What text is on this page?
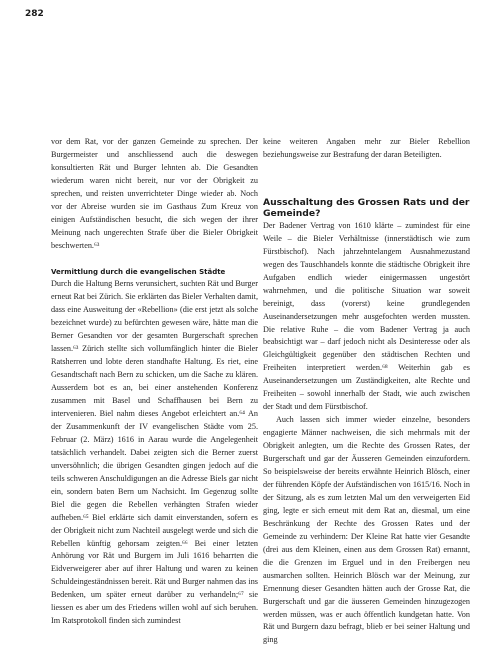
282

vor dem Rat, vor der ganzen Gemeinde zu sprechen. Der Burgermeister und anschliessend auch die deswegen konsultierten Rät und Burger lehnten ab. Die Gesandten wiederum waren nicht bereit, nur vor der Obrigkeit zu sprechen, und reisten unverrichteter Dinge wieder ab. Noch vor der Abreise wurden sie im Gasthaus Zum Kreuz von einigen Aufständischen besucht, die sich wegen der ihrer Meinung nach ungerechten Strafe über die Bieler Obrigkeit beschwerten.⁶³

Vermittlung durch die evangelischen Städte

Durch die Haltung Berns verunsichert, suchten Rät und Burger erneut Rat bei Zürich. Sie erklärten das Bieler Verhalten damit, dass eine Ausweitung der «Rebellion» (die erst jetzt als solche bezeichnet wurde) zu befürchten gewesen wäre, hätte man die Berner Gesandten vor der gesamten Burgerschaft sprechen lassen.⁶³ Zürich stellte sich vollumfänglich hinter die Bieler Ratsherren und lobte deren standhafte Haltung. Es riet, eine Gesandtschaft nach Bern zu schicken, um die Sache zu klären. Ausserdem bot es an, bei einer anstehenden Konferenz zusammen mit Basel und Schaffhausen bei Bern zu intervenieren. Biel nahm dieses Angebot erleichtert an.⁶⁴ An der Zusammenkunft der IV evangelischen Städte vom 25. Februar (2. März) 1616 in Aarau wurde die Angelegenheit tatsächlich verhandelt. Dabei zeigten sich die Berner zuerst unversöhnlich; die übrigen Gesandten gingen jedoch auf die teils schweren Anschuldigungen an die Adresse Biels gar nicht ein, sondern baten Bern um Nachsicht. Im Gegenzug sollte Biel die gegen die Rebellen verhängten Strafen wieder aufheben.⁶⁵ Biel erklärte sich damit einverstanden, sofern es der Obrigkeit nicht zum Nachteil ausgelegt werde und sich die Rebellen künftig gehorsam zeigten.⁶⁶ Bei einer letzten Anhörung vor Rät und Burgern im Juli 1616 beharrten die Eidverweigerer aber auf ihrer Haltung und waren zu keinen Schuldeingeständnissen bereit. Rät und Burger nahmen das ins Bedenken, um später erneut darüber zu verhandeln;⁶⁷ sie liessen es aber um des Friedens willen wohl auf sich beruhen. Im Ratsprotokoll finden sich zumindest

keine weiteren Angaben mehr zur Bieler Rebellion beziehungsweise zur Bestrafung der daran Beteiligten.

Ausschaltung des Grossen Rats und der Gemeinde?

Der Badener Vertrag von 1610 klärte – zumindest für eine Weile – die Bieler Verhältnisse (innerstädtisch wie zum Fürstbischof). Nach jahrzehntelangem Ausnahmezustand wegen des Tauschhandels konnte die städtische Obrigkeit ihre Aufgaben endlich wieder einigermassen ungestört wahrnehmen, und die politische Situation war soweit bereinigt, dass (vorerst) keine grundlegenden Auseinandersetzungen mehr ausgefochten werden mussten. Die relative Ruhe – die vom Badener Vertrag ja auch beabsichtigt war – darf jedoch nicht als Desinteresse oder als Gleichgültigkeit gegenüber den städtischen Rechten und Freiheiten interpretiert werden.⁶⁸ Weiterhin gab es Auseinandersetzungen um Zuständigkeiten, alte Rechte und Freiheiten – sowohl innerhalb der Stadt, wie auch zwischen der Stadt und dem Fürstbischof.

Auch lassen sich immer wieder einzelne, besonders engagierte Männer nachweisen, die sich mehrmals mit der Obrigkeit anlegten, um die Rechte des Grossen Rates, der Burgerschaft und gar der Äusseren Gemeinden einzufordern. So beispielsweise der bereits erwähnte Heinrich Blösch, einer der führenden Köpfe der Aufständischen von 1615/16. Noch in der Sitzung, als es zum letzten Mal um den verweigerten Eid ging, legte er sich erneut mit dem Rat an, diesmal, um eine Beschränkung der Rechte des Grossen Rates und der Gemeinde zu verhindern: Der Kleine Rat hatte vier Gesandte (drei aus dem Kleinen, einen aus dem Grossen Rat) ernannt, die die Grenzen im Erguel und in den Freibergen neu ausmarchen sollten. Heinrich Blösch war der Meinung, zur Ernennung dieser Gesandten hätten auch der Grosse Rat, die Burgerschaft und gar die äusseren Gemeinden hinzugezogen werden müssen, was er auch öffentlich kundgetan hatte. Von Rät und Burgern dazu befragt, blieb er bei seiner Haltung und ging
